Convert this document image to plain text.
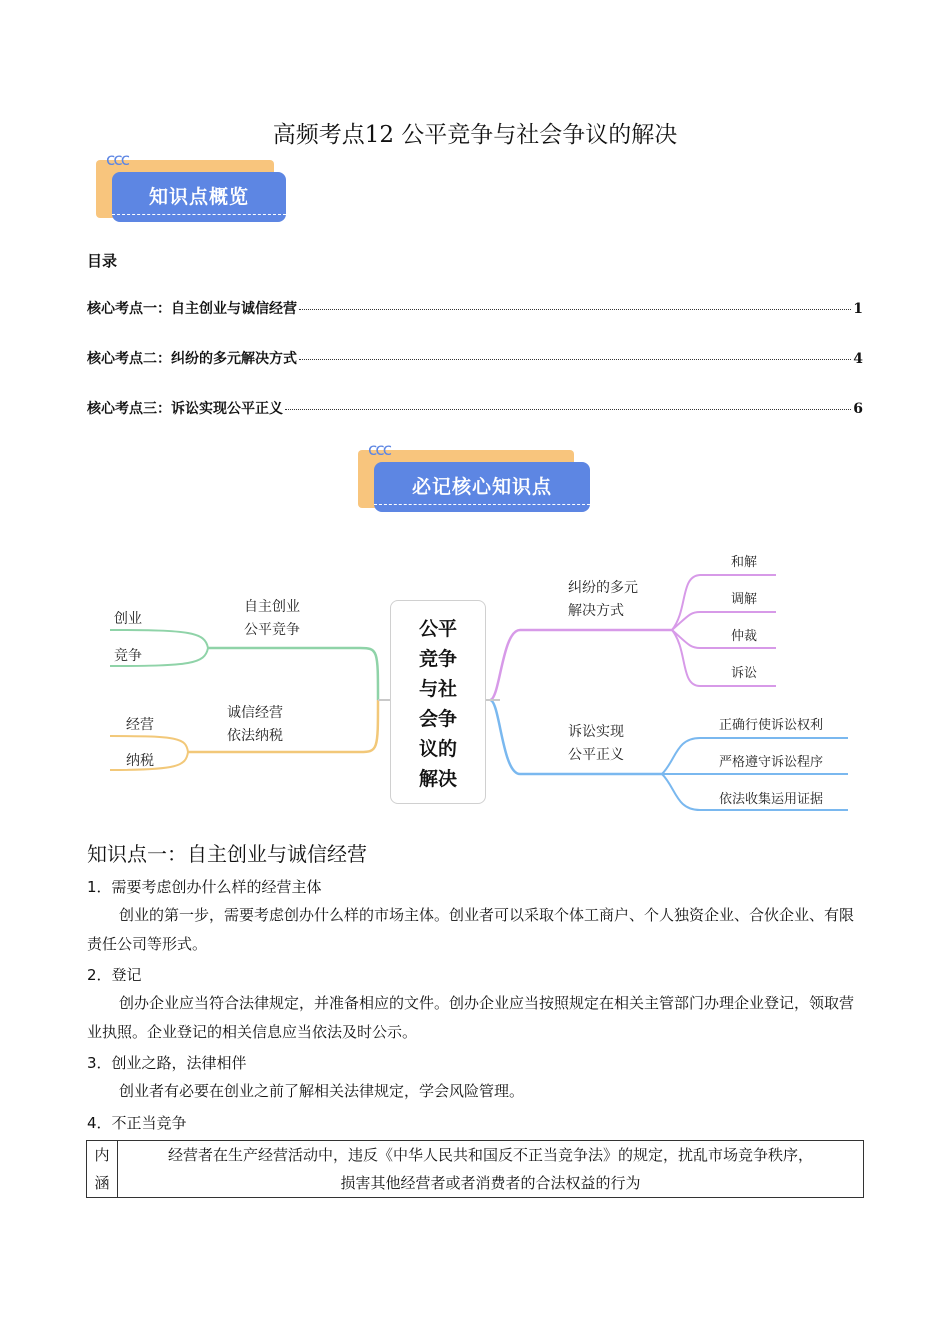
高频考点12 公平竞争与社会争议的解决
ccc
知识点概览
目录
核心考点一：自主创业与诚信经营	1
核心考点二：纠纷的多元解决方式	4
核心考点三：诉讼实现公平正义	6
ccc
必记核心知识点
公平
竞争
与社
会争
议的
解决
自主创业
公平竞争
创业
竞争
诚信经营
依法纳税
经营
纳税
纠纷的多元
解决方式
和解
调解
仲裁
诉讼
诉讼实现
公平正义
正确行使诉讼权利
严格遵守诉讼程序
依法收集运用证据
知识点一：自主创业与诚信经营
1．需要考虑创办什么样的经营主体
创业的第一步，需要考虑创办什么样的市场主体。创业者可以采取个体工商户、个人独资企业、合伙企业、有限责任公司等形式。
2．登记
创办企业应当符合法律规定，并准备相应的文件。创办企业应当按照规定在相关主管部门办理企业登记，领取营业执照。企业登记的相关信息应当依法及时公示。
3．创业之路，法律相伴
创业者有必要在创业之前了解相关法律规定，学会风险管理。
4．不正当竞争
内
涵

经营者在生产经营活动中，违反《中华人民共和国反不正当竞争法》的规定，扰乱市场竞争秩序，
损害其他经营者或者消费者的合法权益的行为
